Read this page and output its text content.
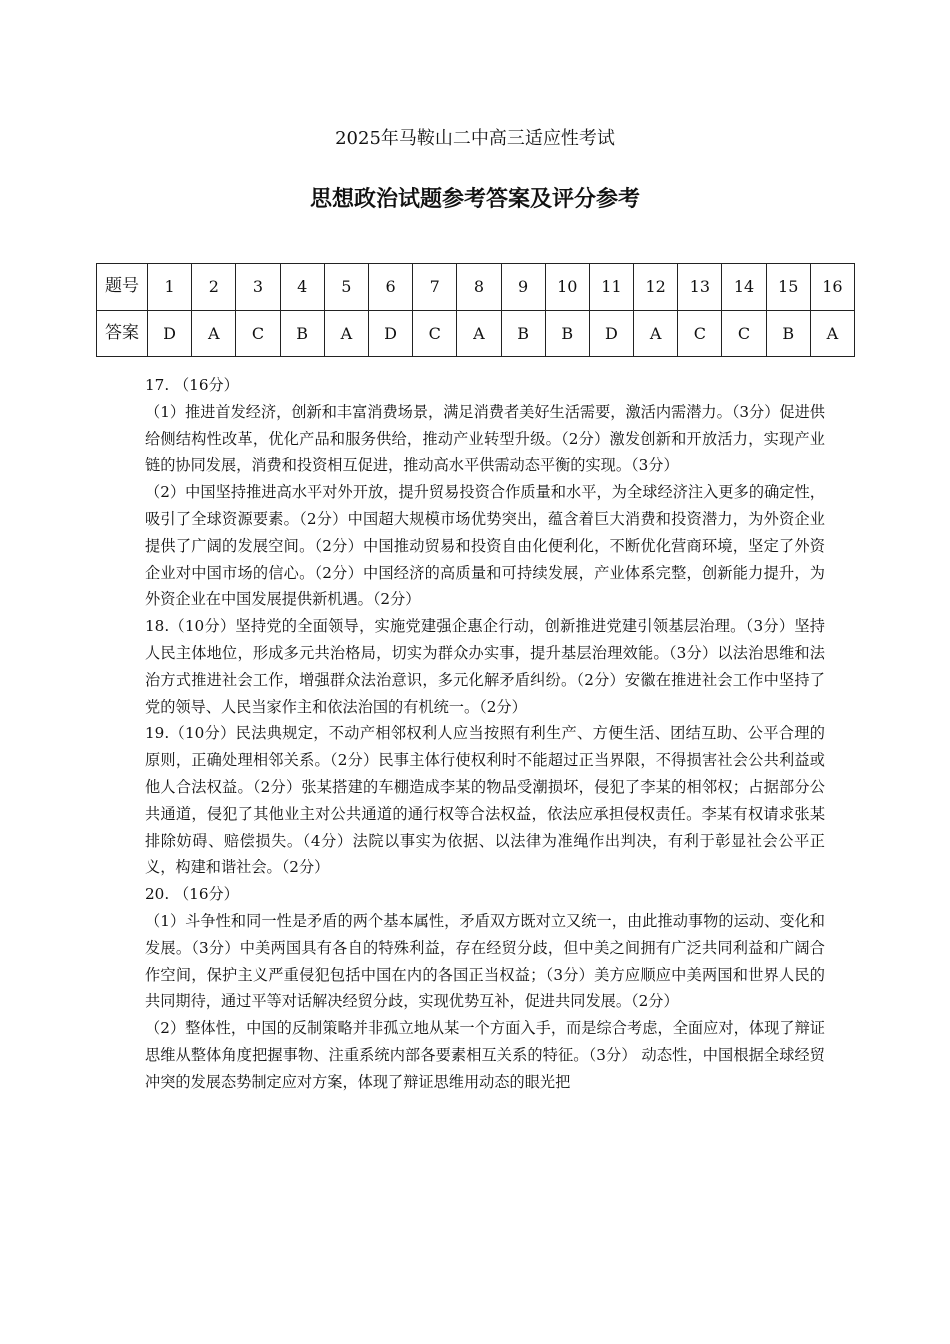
2025年马鞍山二中高三适应性考试
思想政治试题参考答案及评分参考
题号	1	2	3	4	5	6	7	8	9	10	11	12	13	14	15	16
答案	D	A	C	B	A	D	C	A	B	B	D	A	C	C	B	A

17. （16分）

（1）推进首发经济，创新和丰富消费场景，满足消费者美好生活需要，激活内需潜力。（3分）促进供给侧结构性改革，优化产品和服务供给，推动产业转型升级。（2分）激发创新和开放活力，实现产业链的协同发展，消费和投资相互促进，推动高水平供需动态平衡的实现。（3分）

（2）中国坚持推进高水平对外开放，提升贸易投资合作质量和水平，为全球经济注入更多的确定性，吸引了全球资源要素。（2分）中国超大规模市场优势突出，蕴含着巨大消费和投资潜力，为外资企业提供了广阔的发展空间。（2分）中国推动贸易和投资自由化便利化，不断优化营商环境，坚定了外资企业对中国市场的信心。（2分）中国经济的高质量和可持续发展，产业体系完整，创新能力提升，为外资企业在中国发展提供新机遇。（2分）

18.（10分）坚持党的全面领导，实施党建强企惠企行动，创新推进党建引领基层治理。（3分）坚持人民主体地位，形成多元共治格局，切实为群众办实事，提升基层治理效能。（3分）以法治思维和法治方式推进社会工作，增强群众法治意识，多元化解矛盾纠纷。（2分）安徽在推进社会工作中坚持了党的领导、人民当家作主和依法治国的有机统一。（2分）

19.（10分）民法典规定，不动产相邻权利人应当按照有利生产、方便生活、团结互助、公平合理的原则，正确处理相邻关系。（2分）民事主体行使权利时不能超过正当界限，不得损害社会公共利益或他人合法权益。（2分）张某搭建的车棚造成李某的物品受潮损坏，侵犯了李某的相邻权；占据部分公共通道，侵犯了其他业主对公共通道的通行权等合法权益，依法应承担侵权责任。李某有权请求张某排除妨碍、赔偿损失。（4分）法院以事实为依据、以法律为准绳作出判决，有利于彰显社会公平正义，构建和谐社会。（2分）

20. （16分）

（1）斗争性和同一性是矛盾的两个基本属性，矛盾双方既对立又统一，由此推动事物的运动、变化和发展。（3分）中美两国具有各自的特殊利益，存在经贸分歧，但中美之间拥有广泛共同利益和广阔合作空间，保护主义严重侵犯包括中国在内的各国正当权益；（3分）美方应顺应中美两国和世界人民的共同期待，通过平等对话解决经贸分歧，实现优势互补，促进共同发展。（2分）

（2）整体性，中国的反制策略并非孤立地从某一个方面入手，而是综合考虑，全面应对，体现了辩证思维从整体角度把握事物、注重系统内部各要素相互关系的特征。（3分） 动态性，中国根据全球经贸冲突的发展态势制定应对方案，体现了辩证思维用动态的眼光把
